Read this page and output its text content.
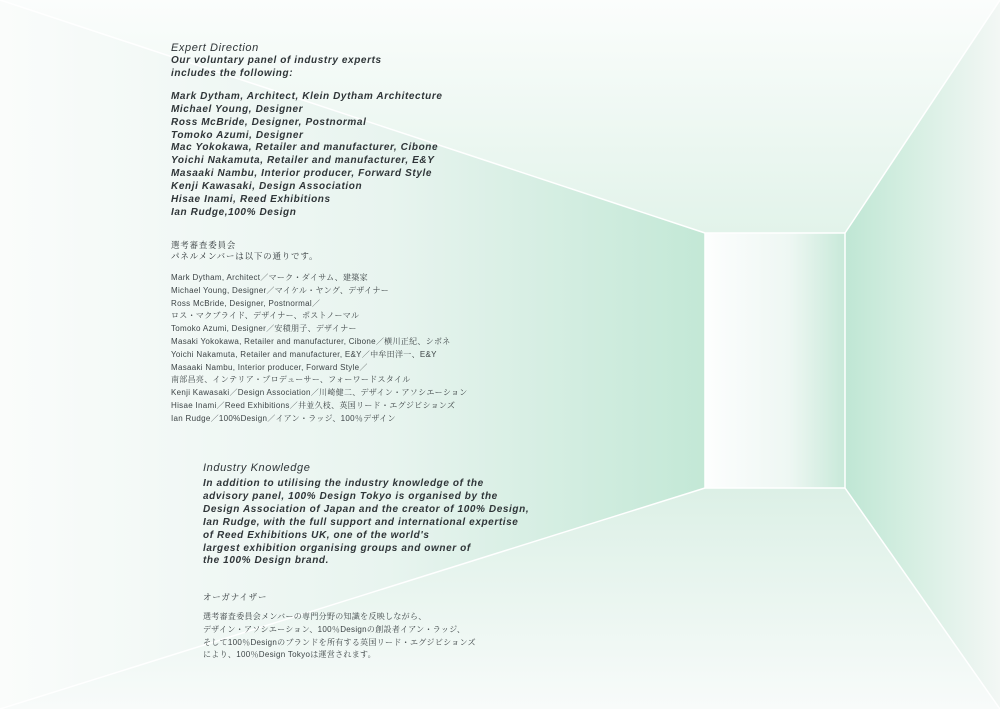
Expert Direction
Our voluntary panel of industry experts
includes the following:
Mark Dytham, Architect, Klein Dytham Architecture
Michael Young, Designer
Ross McBride, Designer, Postnormal
Tomoko Azumi, Designer
Mac Yokokawa, Retailer and manufacturer, Cibone
Yoichi Nakamuta, Retailer and manufacturer, E&Y
Masaaki Nambu, Interior producer, Forward Style
Kenji Kawasaki, Design Association
Hisae Inami, Reed Exhibitions
Ian Rudge,100% Design
選考審査委員会
パネルメンバーは以下の通りです。
Mark Dytham, Architect／マーク・ダイサム、建築家
Michael Young, Designer／マイケル・ヤング、デザイナー
Ross McBride, Designer, Postnormal／
ロス・マクブライド、デザイナー、ポストノーマル
Tomoko Azumi, Designer／安積朋子、デザイナー
Masaki Yokokawa, Retailer and manufacturer, Cibone／横川正紀、シボネ
Yoichi Nakamuta, Retailer and manufacturer, E&Y／中牟田洋一、E&Y
Masaaki Nambu, Interior producer, Forward Style／
南部昌亮、インテリア・プロデューサー、フォーワードスタイル
Kenji Kawasaki／Design Association／川崎健二、デザイン・アソシエーション
Hisae Inami／Reed Exhibitions／井並久枝、英国リード・エグジビションズ
Ian Rudge／100%Design／イアン・ラッジ、100％デザイン
Industry Knowledge
In addition to utilising the industry knowledge of the
advisory panel, 100% Design Tokyo is organised by the
Design Association of Japan and the creator of 100% Design,
Ian Rudge, with the full support and international expertise
of Reed Exhibitions UK, one of the world's
largest exhibition organising groups and owner of
the 100% Design brand.
オーガナイザー
選考審査委員会メンバーの専門分野の知識を反映しながら、
デザイン・アソシエーション、100％Designの創設者イアン・ラッジ、
そして100％Designのブランドを所有する英国リード・エグジビションズ
により、100％Design Tokyoは運営されます。
